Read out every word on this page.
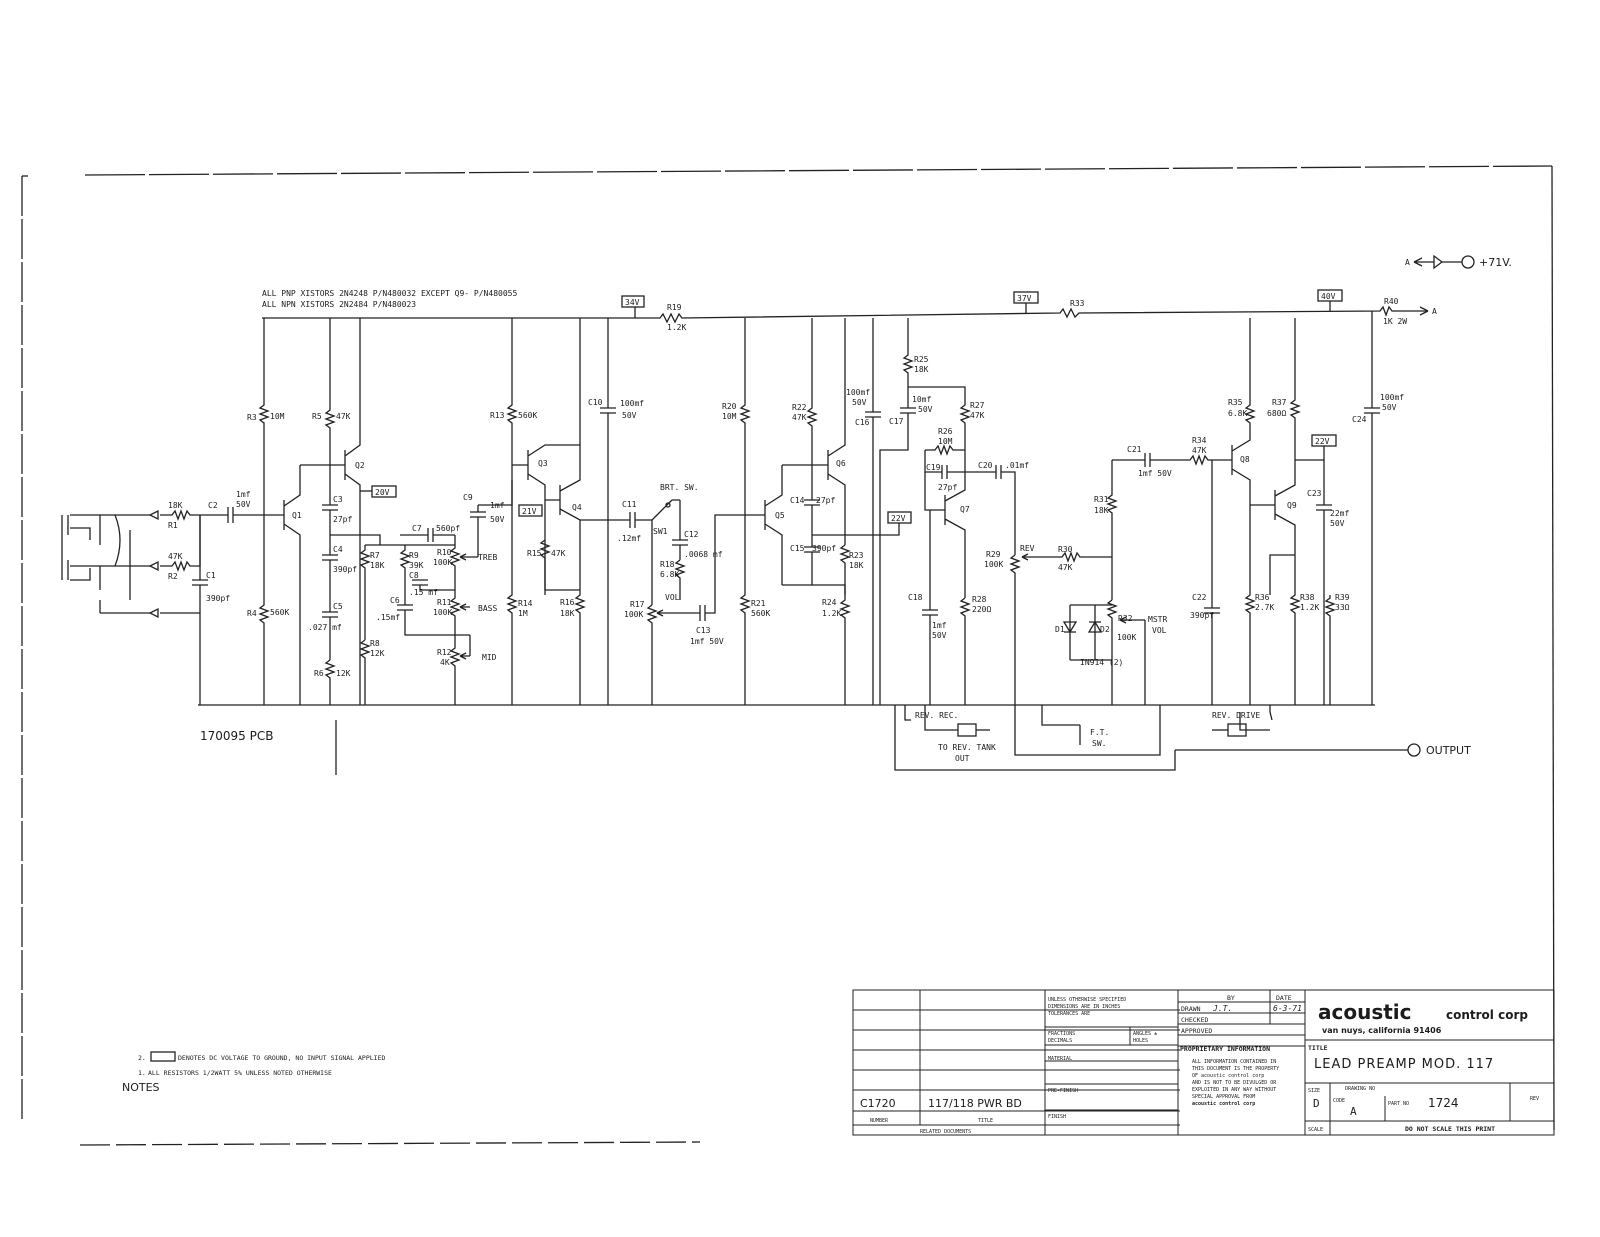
ALL PNP XISTORS 2N4248 P/N480032 EXCEPT Q9- P/N480055
ALL NPN XISTORS 2N2484 P/N480023	34V	37V	40V
R19
1.2K
R33	R40
1K 2W
A
A	+71V.
18K
R1
47K
R2	C1
390pf
C2
1mf
50V
R3 10M
R4 560K
Q1
R5 47K
Q2
20V
C3
27pf
C4
390pf
C5
.027 mf
R6 12K
R7
18K
R8
12K
170095 PCB
C7 560pf
R9
39K
C6
.15mf
R10
100K
TREB
C8
.15 mf
R11
100K	BASS
R12
4K
MID
C9
1mf
50V
R13 560K
R14
1M
Q3
21V	Q4
R15 47K
R16
18K
C10 100mf
50V
C11
.12mf
BRT. SW.
SW1 C12
.0068 mf
R18
6.8K
R17
100K
VOL
C13
1mf 50V
R20
10M
R21
560K
Q5
R22
47K
Q6
C14 27pf
C15 390pf
R23
18K
R24
1.2K
100mf
50V
C16
22V
R25
18K
C17
10mf
50V	R27
47K
R26
10M
C19
27pf
Q7
C20 .01mf
C18
1mf
50V
R28
220Ω
R29
100K
REV	R30
47K
R31
18K
C21
1mf 50V
D1	D2
IN914 (2)
R32
100K
MSTR
VOL
R34
47K
C22
390pf
Q8
R35
6.8K
R36
2.7K
Q9
R37
680Ω
22V
C23
22mf
50V
R38
1.2K
R39
33Ω
100mf
50V
C24
REV. REC.
TO REV. TANK
OUT
F.T.
SW.
REV. DRIVE
OUTPUT
2.	DENOTES DC VOLTAGE TO GROUND, NO INPUT SIGNAL APPLIED
1. ALL RESISTORS 1/2WATT 5% UNLESS NOTED OTHERWISE
NOTES
BY	DATE
DRAWN J.T.	6-3-71
CHECKED
APPROVED
PROPRIETARY INFORMATION
ALL INFORMATION CONTAINED IN
THIS DOCUMENT IS THE PROPERTY
OF acoustic control corp
AND IS NOT TO BE DIVULGED OR
EXPLOITED IN ANY WAY WITHOUT
SPECIAL APPROVAL FROM
acoustic control corp
UNLESS OTHERWISE SPECIFIED
DIMENSIONS ARE IN INCHES
TOLERANCES ARE
FRACTIONS	ANGLES ±
DECIMALS	HOLES
MATERIAL
PRE-FINISH
FINISH
acoustic	control corp
van nuys, california 91406
TITLE
LEAD PREAMP MOD. 117
SIZE
D
DRAWING NO
CODE
A
PART NO 1724	REV
SCALE	DO NOT SCALE THIS PRINT
C1720	117/118 PWR BD
NUMBER	TITLE
RELATED DOCUMENTS
